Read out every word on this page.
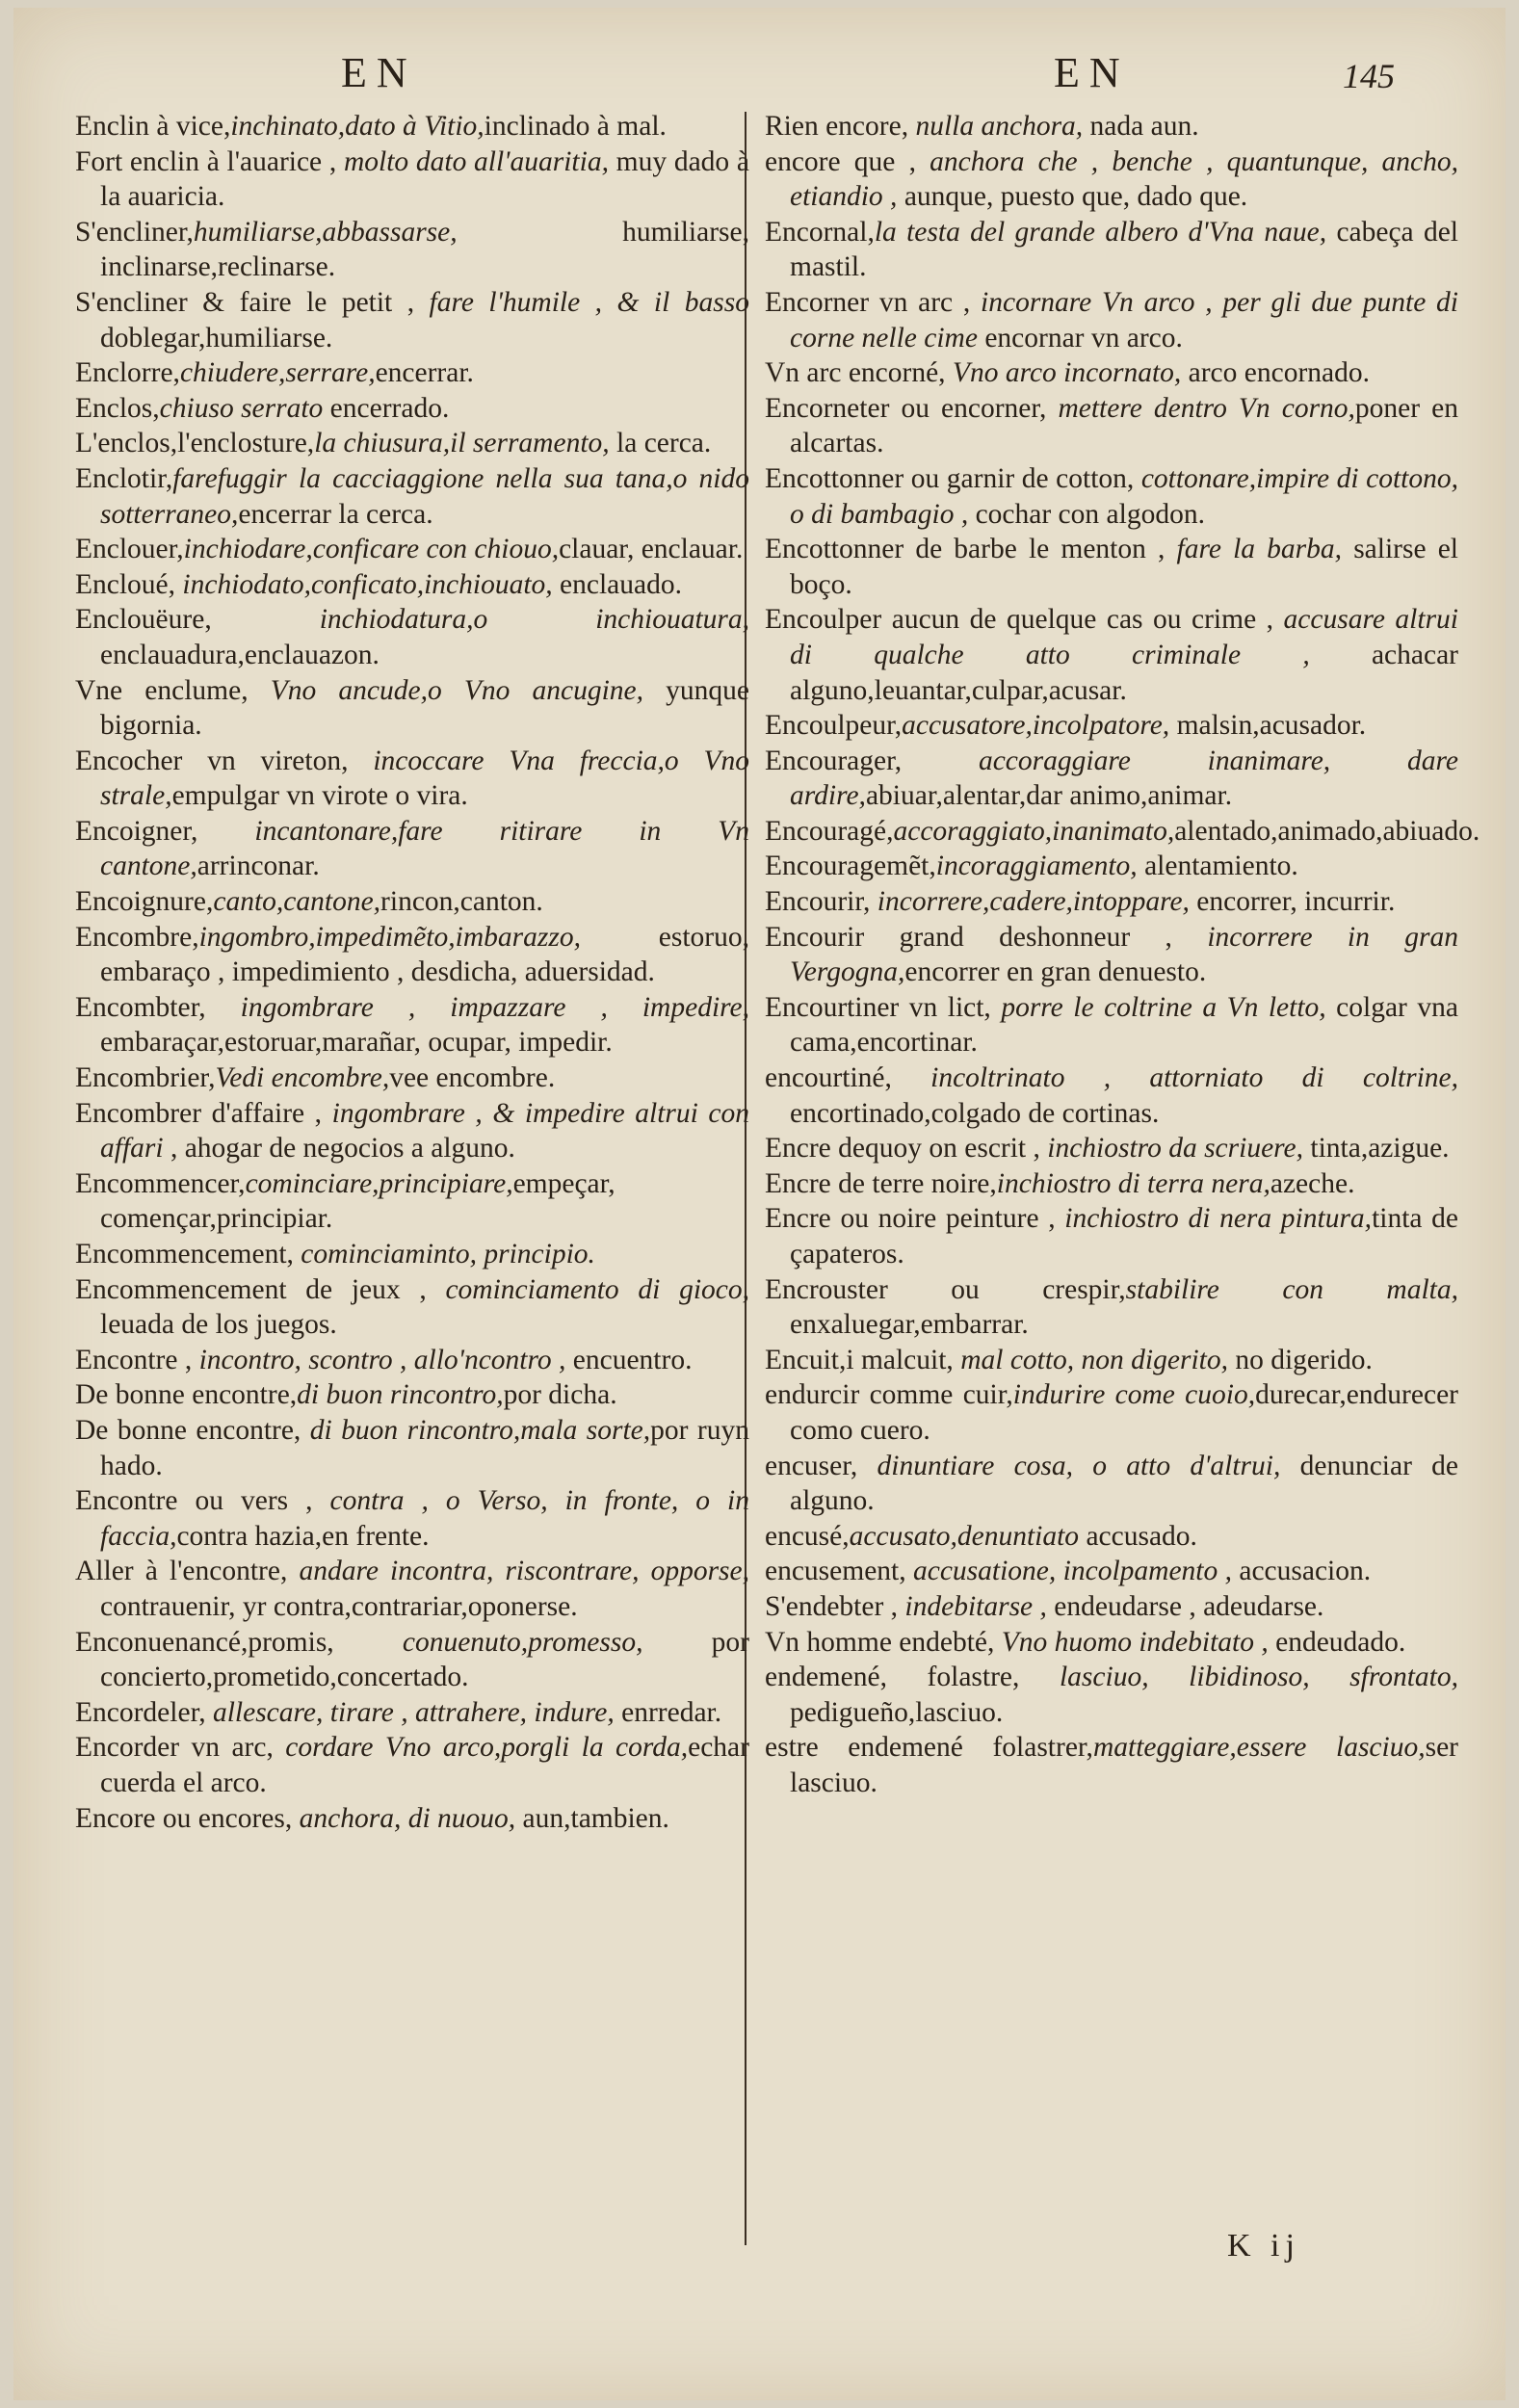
EN	EN	145
Enclin à vice,inchinato,dato à Vitio,inclinado à mal.
Fort enclin à l'auarice , molto dato all'auaritia, muy dado à la auaricia.
S'encliner,humiliarse,abbassarse, humiliarse, inclinarse,reclinarse.
S'encliner & faire le petit , fare l'humile , & il basso doblegar,humiliarse.
Enclorre,chiudere,serrare,encerrar.
Enclos,chiuso serrato encerrado.
L'enclos,l'enclosture,la chiusura,il serramento, la cerca.
Enclotir,farefuggir la cacciaggione nella sua tana,o nido sotterraneo,encerrar la cerca.
Enclouer,inchiodare,conficare con chiouo,clauar, enclauar.
Encloué, inchiodato,conficato,inchiouato, enclauado.
Enclouëure, inchiodatura,o inchiouatura, enclauadura,enclauazon.
Vne enclume, Vno ancude,o Vno ancugine, yunque bigornia.
Encocher vn vireton, incoccare Vna freccia,o Vno strale,empulgar vn virote o vira.
Encoigner, incantonare,fare ritirare in Vn cantone,arrinconar.
Encoignure,canto,cantone,rincon,canton.
Encombre,ingombro,impedimẽto,imbarazzo, estoruo, embaraço , impedimiento , desdicha, aduersidad.
Encombter, ingombrare , impazzare , impedire, embaraçar,estoruar,marañar, ocupar, impedir.
Encombrier,Vedi encombre,vee encombre.
Encombrer d'affaire , ingombrare , & impedire altrui con affari , ahogar de negocios a alguno.
Encommencer,cominciare,principiare,empeçar, començar,principiar.
Encommencement, cominciaminto, principio.
Encommencement de jeux , cominciamento di gioco, leuada de los juegos.
Encontre , incontro, scontro , allo'ncontro , encuentro.
De bonne encontre,di buon rincontro,por dicha.
De bonne encontre, di buon rincontro,mala sorte,por ruyn hado.
Encontre ou vers , contra , o Verso, in fronte, o in faccia,contra hazia,en frente.
Aller à l'encontre, andare incontra, riscontrare, opporse, contrauenir, yr contra,contrariar,oponerse.
Enconuenancé,promis, conuenuto,promesso, por concierto,prometido,concertado.
Encordeler, allescare, tirare , attrahere, indure, enrredar.
Encorder vn arc, cordare Vno arco,porgli la corda,echar cuerda el arco.
Encore ou encores, anchora, di nuouo, aun,tambien.
Rien encore, nulla anchora, nada aun.
encore que , anchora che , benche , quantunque, ancho, etiandio , aunque, puesto que, dado que.
Encornal,la testa del grande albero d'Vna naue, cabeça del mastil.
Encorner vn arc , incornare Vn arco , per gli due punte di corne nelle cime encornar vn arco.
Vn arc encorné, Vno arco incornato, arco encornado.
Encorneter ou encorner, mettere dentro Vn corno,poner en alcartas.
Encottonner ou garnir de cotton, cottonare,impire di cottono, o di bambagio , cochar con algodon.
Encottonner de barbe le menton , fare la barba, salirse el boço.
Encoulper aucun de quelque cas ou crime , accusare altrui di qualche atto criminale , achacar alguno,leuantar,culpar,acusar.
Encoulpeur,accusatore,incolpatore, malsin,acusador.
Encourager, accoraggiare inanimare, dare ardire,abiuar,alentar,dar animo,animar.
Encouragé,accoraggiato,inanimato,alentado,animado,abiuado.
Encouragemẽt,incoraggiamento, alentamiento.
Encourir, incorrere,cadere,intoppare, encorrer, incurrir.
Encourir grand deshonneur , incorrere in gran Vergogna,encorrer en gran denuesto.
Encourtiner vn lict, porre le coltrine a Vn letto, colgar vna cama,encortinar.
encourtiné, incoltrinato , attorniato di coltrine, encortinado,colgado de cortinas.
Encre dequoy on escrit , inchiostro da scriuere, tinta,azigue.
Encre de terre noire,inchiostro di terra nera,azeche.
Encre ou noire peinture , inchiostro di nera pintura,tinta de çapateros.
Encrouster ou crespir,stabilire con malta, enxaluegar,embarrar.
Encuit,i malcuit, mal cotto, non digerito, no digerido.
endurcir comme cuir,indurire come cuoio,durecar,endurecer como cuero.
encuser, dinuntiare cosa, o atto d'altrui, denunciar de alguno.
encusé,accusato,denuntiato accusado.
encusement, accusatione, incolpamento , accusacion.
S'endebter , indebitarse , endeudarse , adeudarse.
Vn homme endebté, Vno huomo indebitato , endeudado.
endemené, folastre, lasciuo, libidinoso, sfrontato, pedigueño,lasciuo.
estre endemené folastrer,matteggiare,essere lasciuo,ser lasciuo.
K ij
